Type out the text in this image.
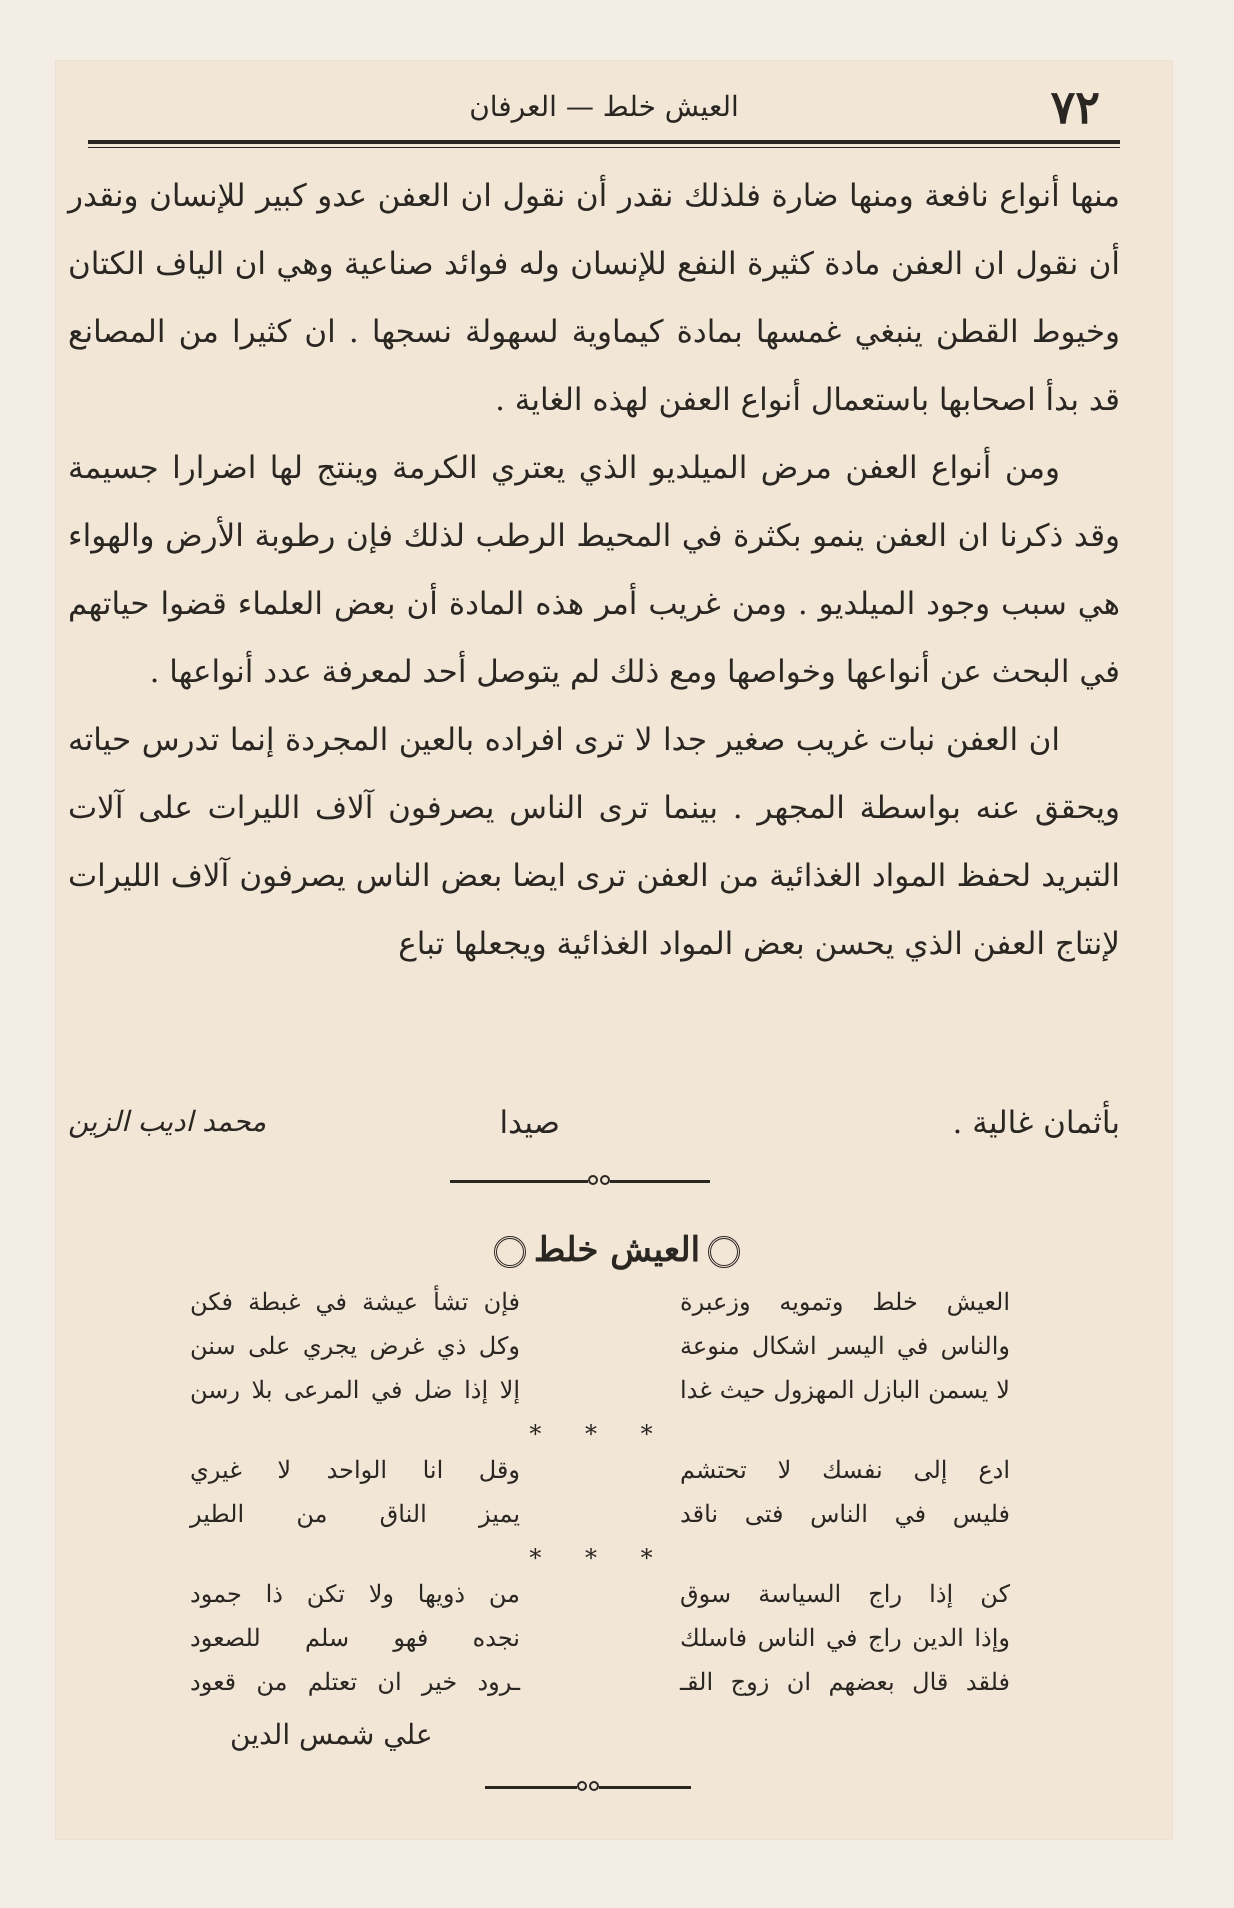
٧٢
العيش خلط — العرفان

منها أنواع نافعة ومنها ضارة فلذلك نقدر أن نقول ان العفن عدو كبير للإنسان ونقدر أن نقول ان العفن مادة كثيرة النفع للإنسان وله فوائد صناعية وهي ان الياف الكتان وخيوط القطن ينبغي غمسها بمادة كيماوية لسهولة نسجها . ان كثيرا من المصانع قد بدأ اصحابها باستعمال أنواع العفن لهذه الغاية .

ومن أنواع العفن مرض الميلديو الذي يعتري الكرمة وينتج لها اضرارا جسيمة وقد ذكرنا ان العفن ينمو بكثرة في المحيط الرطب لذلك فإن رطوبة الأرض والهواء هي سبب وجود الميلديو . ومن غريب أمر هذه المادة أن بعض العلماء قضوا حياتهم في البحث عن أنواعها وخواصها ومع ذلك لم يتوصل أحد لمعرفة عدد أنواعها .

ان العفن نبات غريب صغير جدا لا ترى افراده بالعين المجردة إنما تدرس حياته ويحقق عنه بواسطة المجهر . بينما ترى الناس يصرفون آلاف الليرات على آلات التبريد لحفظ المواد الغذائية من العفن ترى ايضا بعض الناس يصرفون آلاف الليرات لإنتاج العفن الذي يحسن بعض المواد الغذائية ويجعلها تباع

بأثمان غالية .
صيدا
محمد اديب الزين
العيش خلط
العيش خلط وتمويه وزعبرة
فإن تشأ عيشة في غبطة فكن
والناس في اليسر اشكال منوعة
وكل ذي غرض يجري على سنن
لا يسمن البازل المهزول حيث غدا
إلا إذا ضل في المرعى بلا رسن
* * *
ادع إلى نفسك لا تحتشم
وقل انا الواحد لا غيري
فليس في الناس فتى ناقد
يميز الناق من الطير
* * *
كن إذا راج السياسة سوق
من ذويها ولا تكن ذا جمود
وإذا الدين راج في الناس فاسلك
نجده فهو سلم للصعود
فلقد قال بعضهم ان زوج القـ
ـرود خير ان تعتلم من قعود
علي شمس الدين
